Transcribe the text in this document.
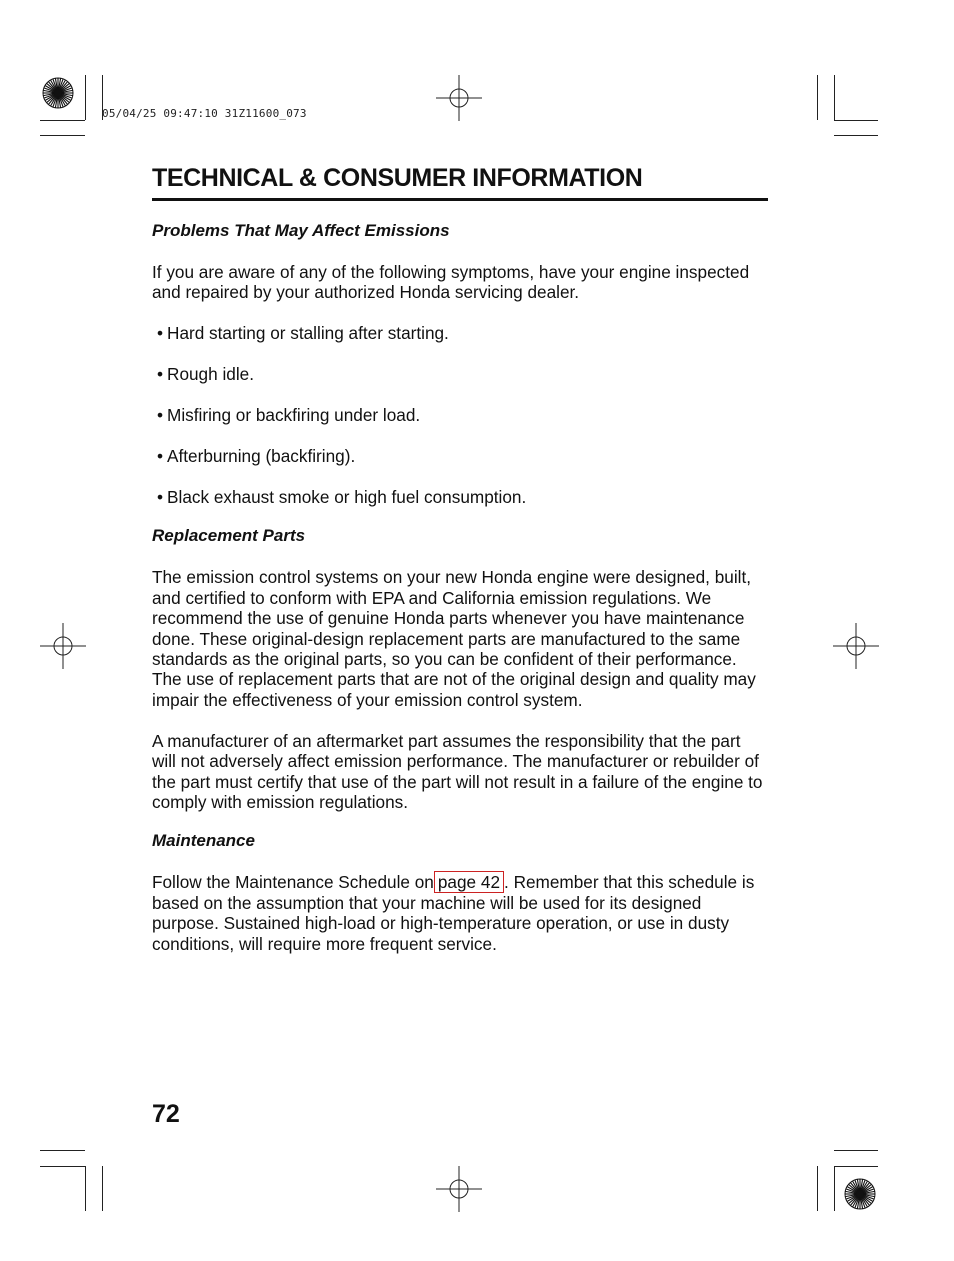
05/04/25 09:47:10 31Z11600_073
TECHNICAL & CONSUMER INFORMATION
Problems That May Affect Emissions

If you are aware of any of the following symptoms, have your engine inspected and repaired by your authorized Honda servicing dealer.

• Hard starting or stalling after starting.
• Rough idle.
• Misfiring or backfiring under load.
• Afterburning (backfiring).
• Black exhaust smoke or high fuel consumption.
Replacement Parts

The emission control systems on your new Honda engine were designed, built, and certified to conform with EPA and California emission regulations. We recommend the use of genuine Honda parts whenever you have maintenance done. These original-design replacement parts are manufactured to the same standards as the original parts, so you can be confident of their performance. The use of replacement parts that are not of the original design and quality may impair the effectiveness of your emission control system.

A manufacturer of an aftermarket part assumes the responsibility that the part will not adversely affect emission performance. The manufacturer or rebuilder of the part must certify that use of the part will not result in a failure of the engine to comply with emission regulations.

Maintenance

Follow the Maintenance Schedule on page 42 . Remember that this schedule is based on the assumption that your machine will be used for its designed purpose. Sustained high-load or high-temperature operation, or use in dusty conditions, will require more frequent service.

72
